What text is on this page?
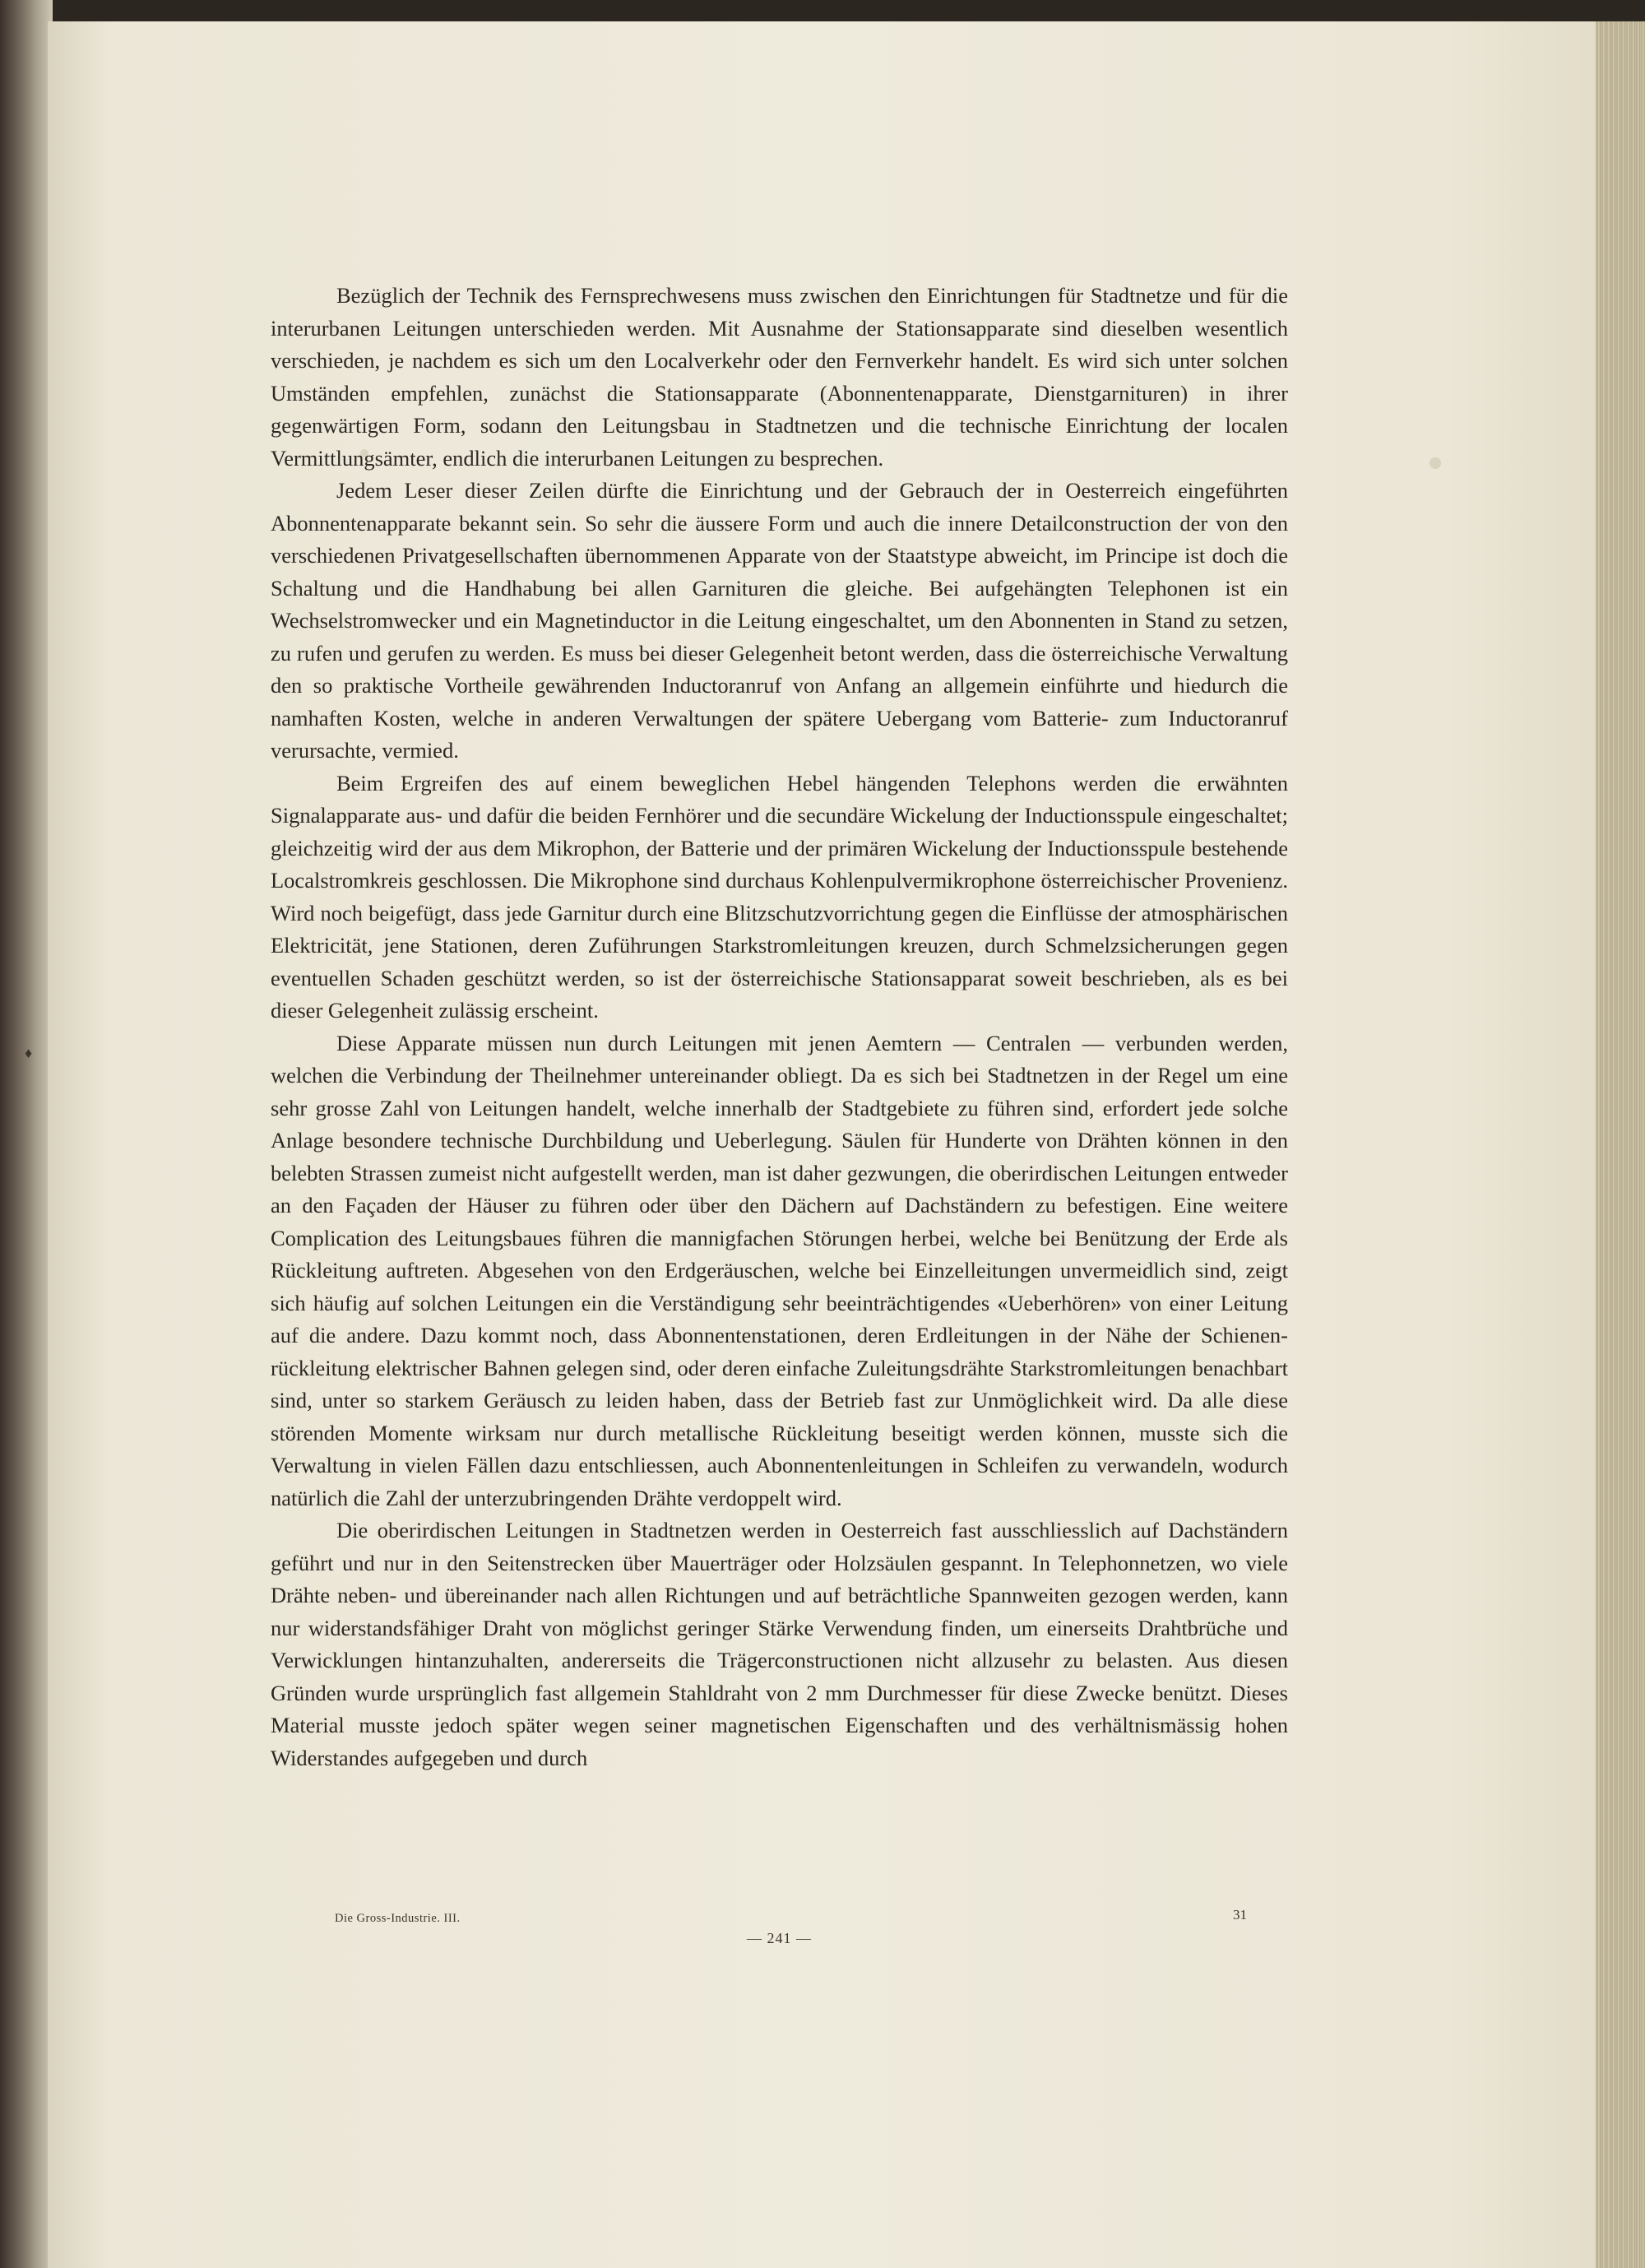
♦

Bezüglich der Technik des Fernsprechwesens muss zwischen den Einrichtungen für Stadtnetze und für die interurbanen Leitungen unterschieden werden. Mit Ausnahme der Stationsapparate sind dieselben wesentlich verschieden, je nachdem es sich um den Localverkehr oder den Fernverkehr handelt. Es wird sich unter solchen Umständen empfehlen, zunächst die Stationsapparate (Abonnentenapparate, Dienstgarnituren) in ihrer gegenwärtigen Form, sodann den Leitungsbau in Stadtnetzen und die technische Einrichtung der localen Vermittlungsämter, endlich die interurbanen Leitungen zu besprechen.

Jedem Leser dieser Zeilen dürfte die Einrichtung und der Gebrauch der in Oesterreich eingeführten Abonnentenapparate bekannt sein. So sehr die äussere Form und auch die innere Detailconstruction der von den verschiedenen Privatgesellschaften übernommenen Apparate von der Staatstype abweicht, im Principe ist doch die Schaltung und die Handhabung bei allen Garnituren die gleiche. Bei aufgehängten Telephonen ist ein Wechselstromwecker und ein Magnetinductor in die Leitung eingeschaltet, um den Abonnenten in Stand zu setzen, zu rufen und gerufen zu werden. Es muss bei dieser Gelegenheit betont werden, dass die österreichische Verwaltung den so praktische Vortheile gewährenden Inductoranruf von Anfang an allgemein einführte und hiedurch die namhaften Kosten, welche in anderen Verwaltungen der spätere Uebergang vom Batterie- zum Inductoranruf verursachte, vermied.

Beim Ergreifen des auf einem beweglichen Hebel hängenden Telephons werden die erwähnten Signalapparate aus- und dafür die beiden Fernhörer und die secundäre Wickelung der Inductionsspule eingeschaltet; gleichzeitig wird der aus dem Mikrophon, der Batterie und der primären Wickelung der Inductionsspule bestehende Localstromkreis geschlossen. Die Mikrophone sind durchaus Kohlenpulvermikrophone österreichischer Provenienz. Wird noch beigefügt, dass jede Garnitur durch eine Blitzschutzvorrichtung gegen die Einflüsse der atmosphärischen Elektricität, jene Stationen, deren Zuführungen Starkstromleitungen kreuzen, durch Schmelzsicherungen gegen eventuellen Schaden geschützt werden, so ist der österreichische Stationsapparat soweit beschrieben, als es bei dieser Gelegenheit zulässig erscheint.

Diese Apparate müssen nun durch Leitungen mit jenen Aemtern — Centralen — verbunden werden, welchen die Verbindung der Theilnehmer untereinander obliegt. Da es sich bei Stadtnetzen in der Regel um eine sehr grosse Zahl von Leitungen handelt, welche innerhalb der Stadtgebiete zu führen sind, erfordert jede solche Anlage besondere technische Durchbildung und Ueberlegung. Säulen für Hunderte von Drähten können in den belebten Strassen zumeist nicht aufgestellt werden, man ist daher gezwungen, die oberirdischen Leitungen entweder an den Façaden der Häuser zu führen oder über den Dächern auf Dachständern zu befestigen. Eine weitere Complication des Leitungsbaues führen die mannigfachen Störungen herbei, welche bei Benützung der Erde als Rückleitung auftreten. Abgesehen von den Erdgeräuschen, welche bei Einzelleitungen unvermeidlich sind, zeigt sich häufig auf solchen Leitungen ein die Verständigung sehr beeinträchtigendes «Ueberhören» von einer Leitung auf die andere. Dazu kommt noch, dass Abonnentenstationen, deren Erdleitungen in der Nähe der Schienenrückleitung elektrischer Bahnen gelegen sind, oder deren einfache Zuleitungsdrähte Starkstromleitungen benachbart sind, unter so starkem Geräusch zu leiden haben, dass der Betrieb fast zur Unmöglichkeit wird. Da alle diese störenden Momente wirksam nur durch metallische Rückleitung beseitigt werden können, musste sich die Verwaltung in vielen Fällen dazu entschliessen, auch Abonnentenleitungen in Schleifen zu verwandeln, wodurch natürlich die Zahl der unterzubringenden Drähte verdoppelt wird.

Die oberirdischen Leitungen in Stadtnetzen werden in Oesterreich fast ausschliesslich auf Dachständern geführt und nur in den Seitenstrecken über Mauerträger oder Holzsäulen gespannt. In Telephonnetzen, wo viele Drähte neben- und übereinander nach allen Richtungen und auf beträchtliche Spannweiten gezogen werden, kann nur widerstandsfähiger Draht von möglichst geringer Stärke Verwendung finden, um einerseits Drahtbrüche und Verwicklungen hintanzuhalten, andererseits die Trägerconstructionen nicht allzusehr zu belasten. Aus diesen Gründen wurde ursprünglich fast allgemein Stahldraht von 2 mm Durchmesser für diese Zwecke benützt. Dieses Material musste jedoch später wegen seiner magnetischen Eigenschaften und des verhältnismässig hohen Widerstandes aufgegeben und durch

Die Gross-Industrie. III.	31
— 241 —
